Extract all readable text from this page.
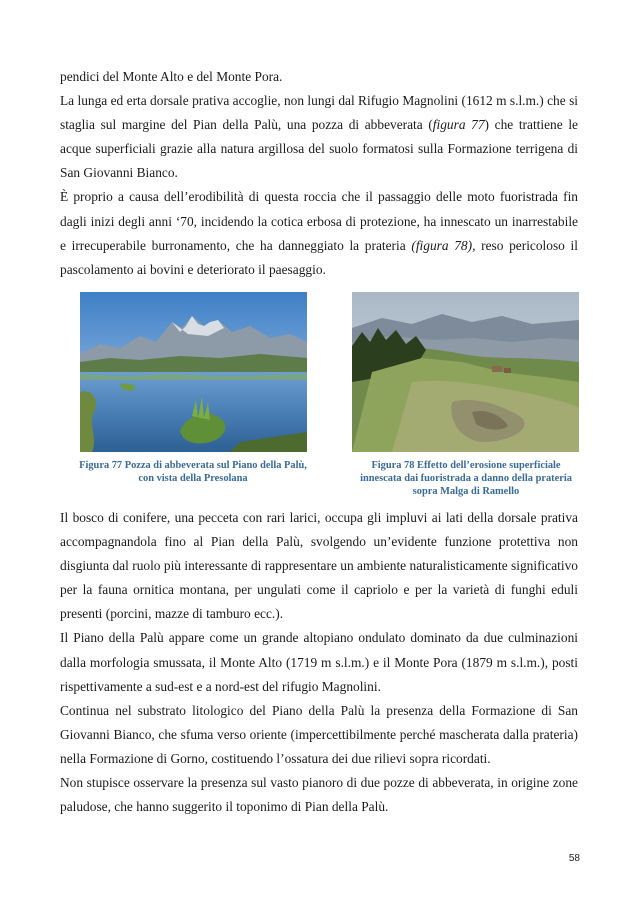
pendici del Monte Alto e del Monte Pora.

La lunga ed erta dorsale prativa accoglie, non lungi dal Rifugio Magnolini (1612 m s.l.m.) che si staglia sul margine del Pian della Palù, una pozza di abbeverata (figura 77) che trattiene le acque superficiali grazie alla natura argillosa del suolo formatosi sulla Formazione terrigena di San Giovanni Bianco.

È proprio a causa dell’erodibilità di questa roccia che il passaggio delle moto fuoristrada fin dagli inizi degli anni ‘70, incidendo la cotica erbosa di protezione, ha innescato un inarrestabile e irrecuperabile burronamento, che ha danneggiato la prateria (figura 78), reso pericoloso il pascolamento ai bovini e deteriorato il paesaggio.

Figura 77 Pozza di abbeverata sul Piano della Palù, con vista della Presolana
Figura 78 Effetto dell’erosione superficiale innescata dai fuoristrada a danno della prateria sopra Malga di Ramello

Il bosco di conifere, una pecceta con rari larici, occupa gli impluvi ai lati della dorsale prativa accompagnandola fino al Pian della Palù, svolgendo un’evidente funzione protettiva non disgiunta dal ruolo più interessante di rappresentare un ambiente naturalisticamente significativo per la fauna ornitica montana, per ungulati come il capriolo e per la varietà di funghi eduli presenti (porcini, mazze di tamburo ecc.).

Il Piano della Palù appare come un grande altopiano ondulato dominato da due culminazioni dalla morfologia smussata, il Monte Alto (1719 m s.l.m.) e il Monte Pora (1879 m s.l.m.), posti rispettivamente a sud-est e a nord-est del rifugio Magnolini.

Continua nel substrato litologico del Piano della Palù la presenza della Formazione di San Giovanni Bianco, che sfuma verso oriente (impercettibilmente perché mascherata dalla prateria) nella Formazione di Gorno, costituendo l’ossatura dei due rilievi sopra ricordati.

Non stupisce osservare la presenza sul vasto pianoro di due pozze di abbeverata, in origine zone paludose, che hanno suggerito il toponimo di Pian della Palù.

58
